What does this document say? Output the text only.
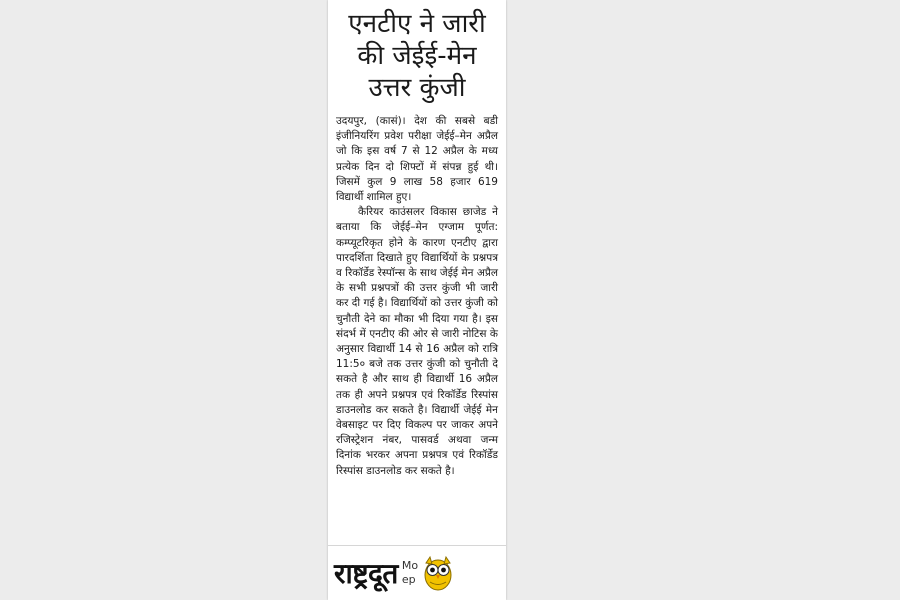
एनटीए ने जारी
की जेईई-मेन
उत्तर कुंजी

उदयपुर, (कासं)। देश की सबसे बडी इंजीनियरिंग प्रवेश परीक्षा जेईई–मेन अप्रैल जो कि इस वर्ष 7 से 12 अप्रैल के मध्य प्रत्येक दिन दो शिफ्टों में संपन्न हुई थी। जिसमें कुल 9 लाख 58 हजार 619 विद्यार्थी शामिल हुए।

कैरियर काउंसलर विकास छाजेड ने बताया कि जेईई–मेन एग्जाम पूर्णत: कम्प्यूटरिकृत होने के कारण एनटीए द्वारा पारदर्शिता दिखाते हुए विद्यार्थियों के प्रश्नपत्र व रिकॉर्डेड रेस्पॉन्स के साथ जेईई मेन अप्रैल के सभी प्रश्नपत्रों की उत्तर कुंजी भी जारी कर दी गई है। विद्यार्थियों को उत्तर कुंजी को चुनौती देने का मौका भी दिया गया है। इस संदर्भ में एनटीए की ओर से जारी नोटिस के अनुसार विद्यार्थी 14 से 16 अप्रैल को रात्रि 11:5० बजे तक उत्तर कुंजी को चुनौती दे सकते है और साथ ही विद्यार्थी 16 अप्रैल तक ही अपने प्रश्नपत्र एवं रिकॉर्डेड रिस्पांस डाउनलोड कर सकते है। विद्यार्थी जेईई मेन वेबसाइट पर दिए विकल्प पर जाकर अपने रजिस्ट्रेशन नंबर, पासवर्ड अथवा जन्म दिनांक भरकर अपना प्रश्नपत्र एवं रिकॉर्डेड रिस्पांस डाउनलोड कर सकते है।

राष्ट्रदूत Mo
ep
